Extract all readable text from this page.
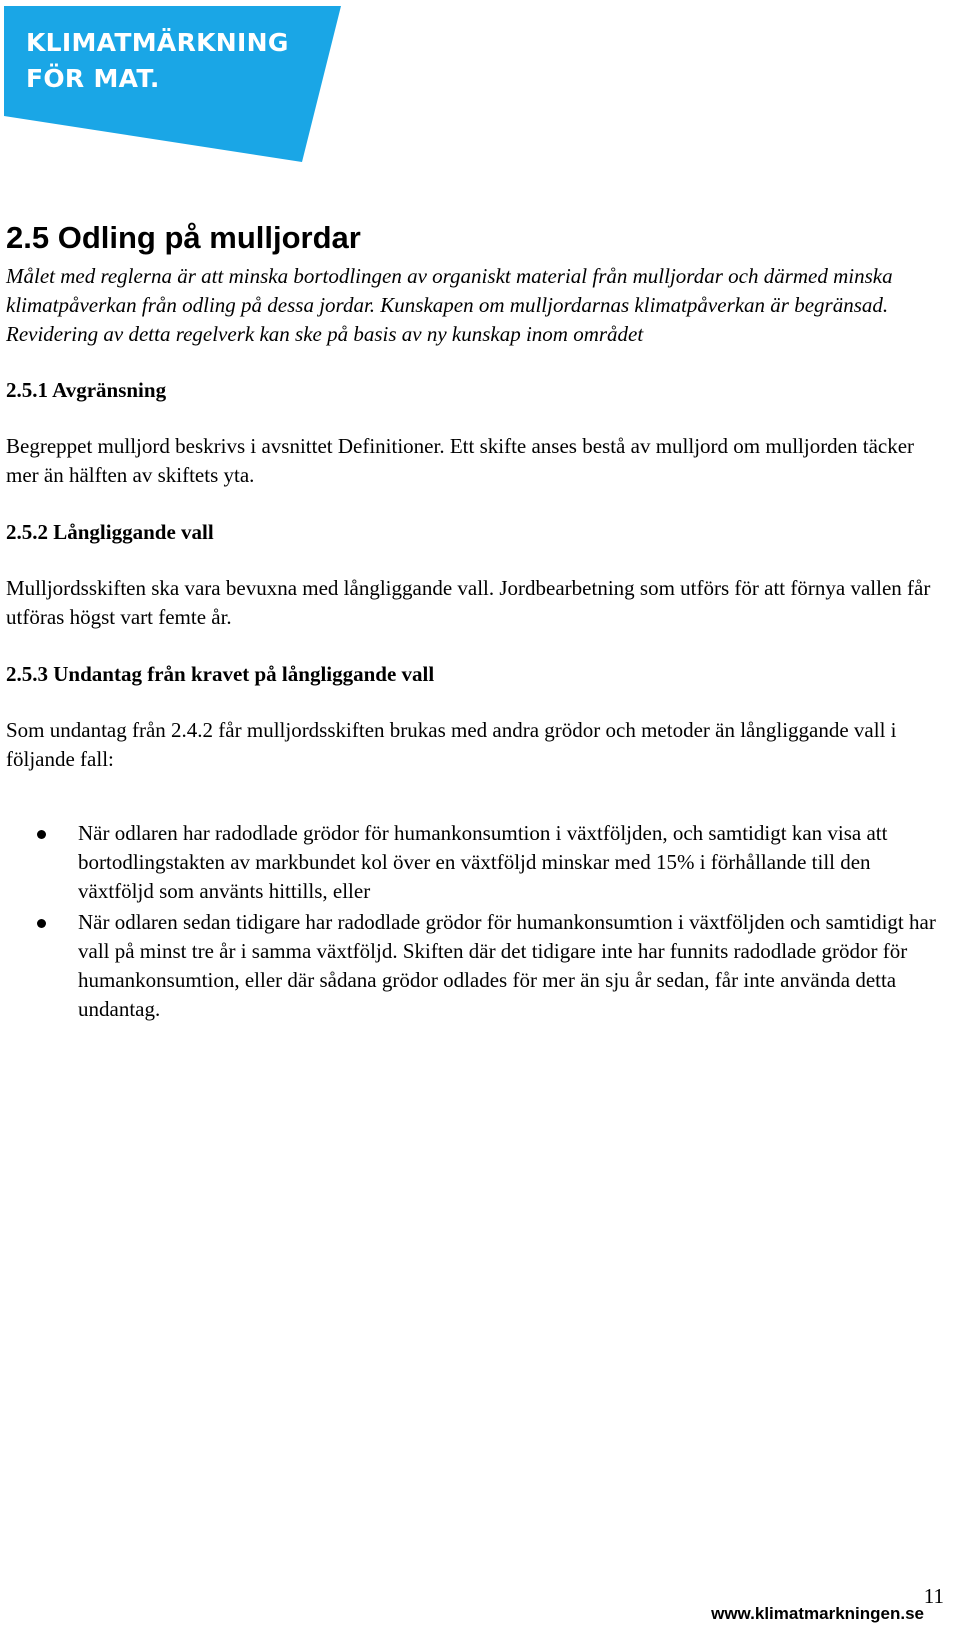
KLIMATMÄRKNING
FÖR MAT.
2.5 Odling på mulljordar

Målet med reglerna är att minska bortodlingen av organiskt material från mulljordar och därmed minska klimatpåverkan från odling på dessa jordar. Kunskapen om mulljordarnas klimatpåverkan är begränsad. Revidering av detta regelverk kan ske på basis av ny kunskap inom området

2.5.1 Avgränsning

Begreppet mulljord beskrivs i avsnittet Definitioner. Ett skifte anses bestå av mulljord om mulljorden täcker mer än hälften av skiftets yta.

2.5.2 Långliggande vall

Mulljordsskiften ska vara bevuxna med långliggande vall. Jordbearbetning som utförs för att förnya vallen får utföras högst vart femte år.

2.5.3 Undantag från kravet på långliggande vall

Som undantag från 2.4.2 får mulljordsskiften brukas med andra grödor och metoder än långliggande vall i följande fall:

När odlaren har radodlade grödor för humankonsumtion i växtföljden, och samtidigt kan visa att bortodlingstakten av markbundet kol över en växtföljd minskar med 15% i förhållande till den växtföljd som använts hittills, eller
När odlaren sedan tidigare har radodlade grödor för humankonsumtion i växtföljden och samtidigt har vall på minst tre år i samma växtföljd. Skiften där det tidigare inte har funnits radodlade grödor för humankonsumtion, eller där sådana grödor odlades för mer än sju år sedan, får inte använda detta undantag.
11
www.klimatmarkningen.se
